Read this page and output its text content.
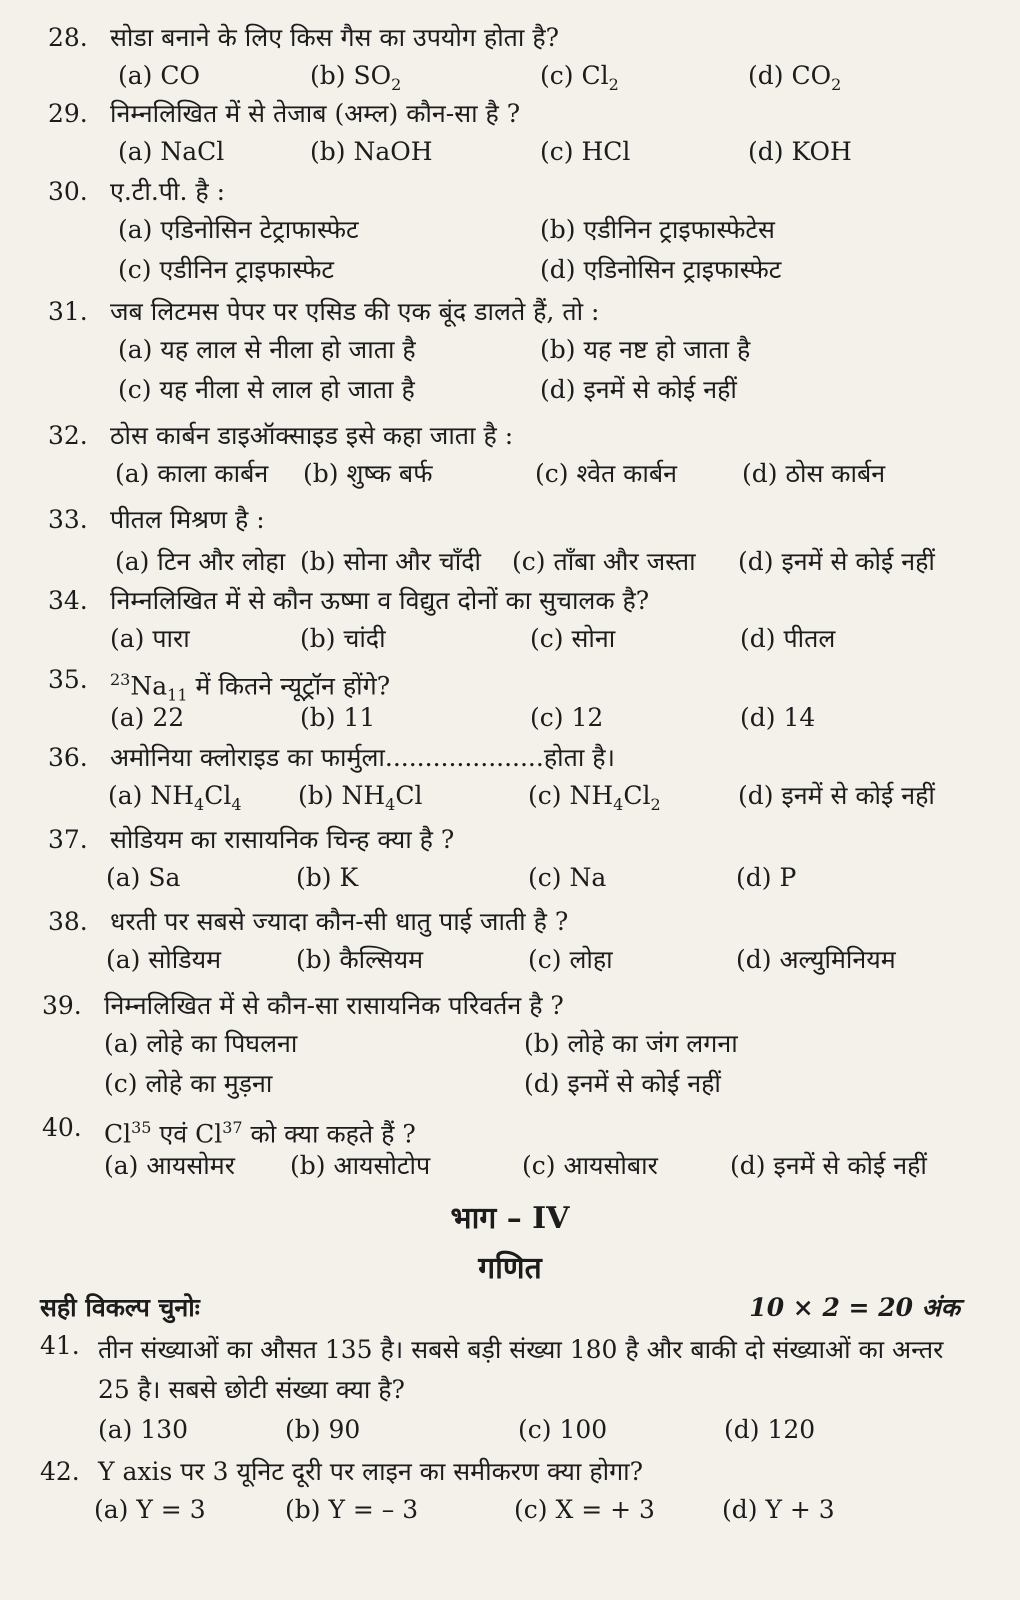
28. सोडा बनाने के लिए किस गैस का उपयोग होता है?
(a) CO	(b) $SO_2$	(c) $Cl_2$	(d) $CO_2$
29. निम्नलिखित में से तेजाब (अम्ल) कौन-सा है ?
(a) NaCl	(b) NaOH	(c) HCl	(d) KOH
30. ए.टी.पी. है :
(a) एडिनोसिन टेट्राफास्फेट	(b) एडीनिन ट्राइफास्फेटेस
(c) एडीनिन ट्राइफास्फेट	(d) एडिनोसिन ट्राइफास्फेट
31. जब लिटमस पेपर पर एसिड की एक बूंद डालते हैं, तो :
(a) यह लाल से नीला हो जाता है	(b) यह नष्ट हो जाता है
(c) यह नीला से लाल हो जाता है	(d) इनमें से कोई नहीं
32. ठोस कार्बन डाइऑक्साइड इसे कहा जाता है :
(a) काला कार्बन (b) शुष्क बर्फ	(c) श्वेत कार्बन	(d) ठोस कार्बन
33. पीतल मिश्रण है :
(a) टिन और लोहा (b) सोना और चाँदी (c) ताँबा और जस्ता (d) इनमें से कोई नहीं
34. निम्नलिखित में से कौन ऊष्मा व विद्युत दोनों का सुचालक है?
(a) पारा	(b) चांदी	(c) सोना	(d) पीतल
35.	$^{23}Na_{11}$ में कितने न्यूट्रॉन होंगे?
(a) 22	(b) 11	(c) 12	(d) 14
36. अमोनिया क्लोराइड का फार्मुला....................होता है।
(a) $NH_4Cl_4$ (b) $NH_4Cl$	(c) $NH_4Cl_2$	(d) इनमें से कोई नहीं
37. सोडियम का रासायनिक चिन्ह क्या है ?
(a) Sa	(b) K	(c) Na	(d) P
38. धरती पर सबसे ज्यादा कौन-सी धातु पाई जाती है ?
(a) सोडियम	(b) कैल्सियम	(c) लोहा	(d) अल्युमिनियम
39. निम्नलिखित में से कौन-सा रासायनिक परिवर्तन है ?
(a) लोहे का पिघलना	(b) लोहे का जंग लगना
(c) लोहे का मुड़ना	(d) इनमें से कोई नहीं
40. Cl$^{35}$ एवं Cl$^{37}$ को क्या कहते हैं ?
(a) आयसोमर (b) आयसोटोप	(c) आयसोबार	(d) इनमें से कोई नहीं
भाग – IV
गणित
सही विकल्प चुनोः	10 × 2 = 20 अंक
41. तीन संख्याओं का औसत 135 है। सबसे बड़ी संख्या 180 है और बाकी दो संख्याओं का अन्तर 25 है। सबसे छोटी संख्या क्या है?
(a) 130	(b) 90	(c) 100	(d) 120
42. Y axis पर 3 यूनिट दूरी पर लाइन का समीकरण क्या होगा?
(a) Y = 3	(b) Y = – 3	(c) X = + 3	(d) Y + 3
